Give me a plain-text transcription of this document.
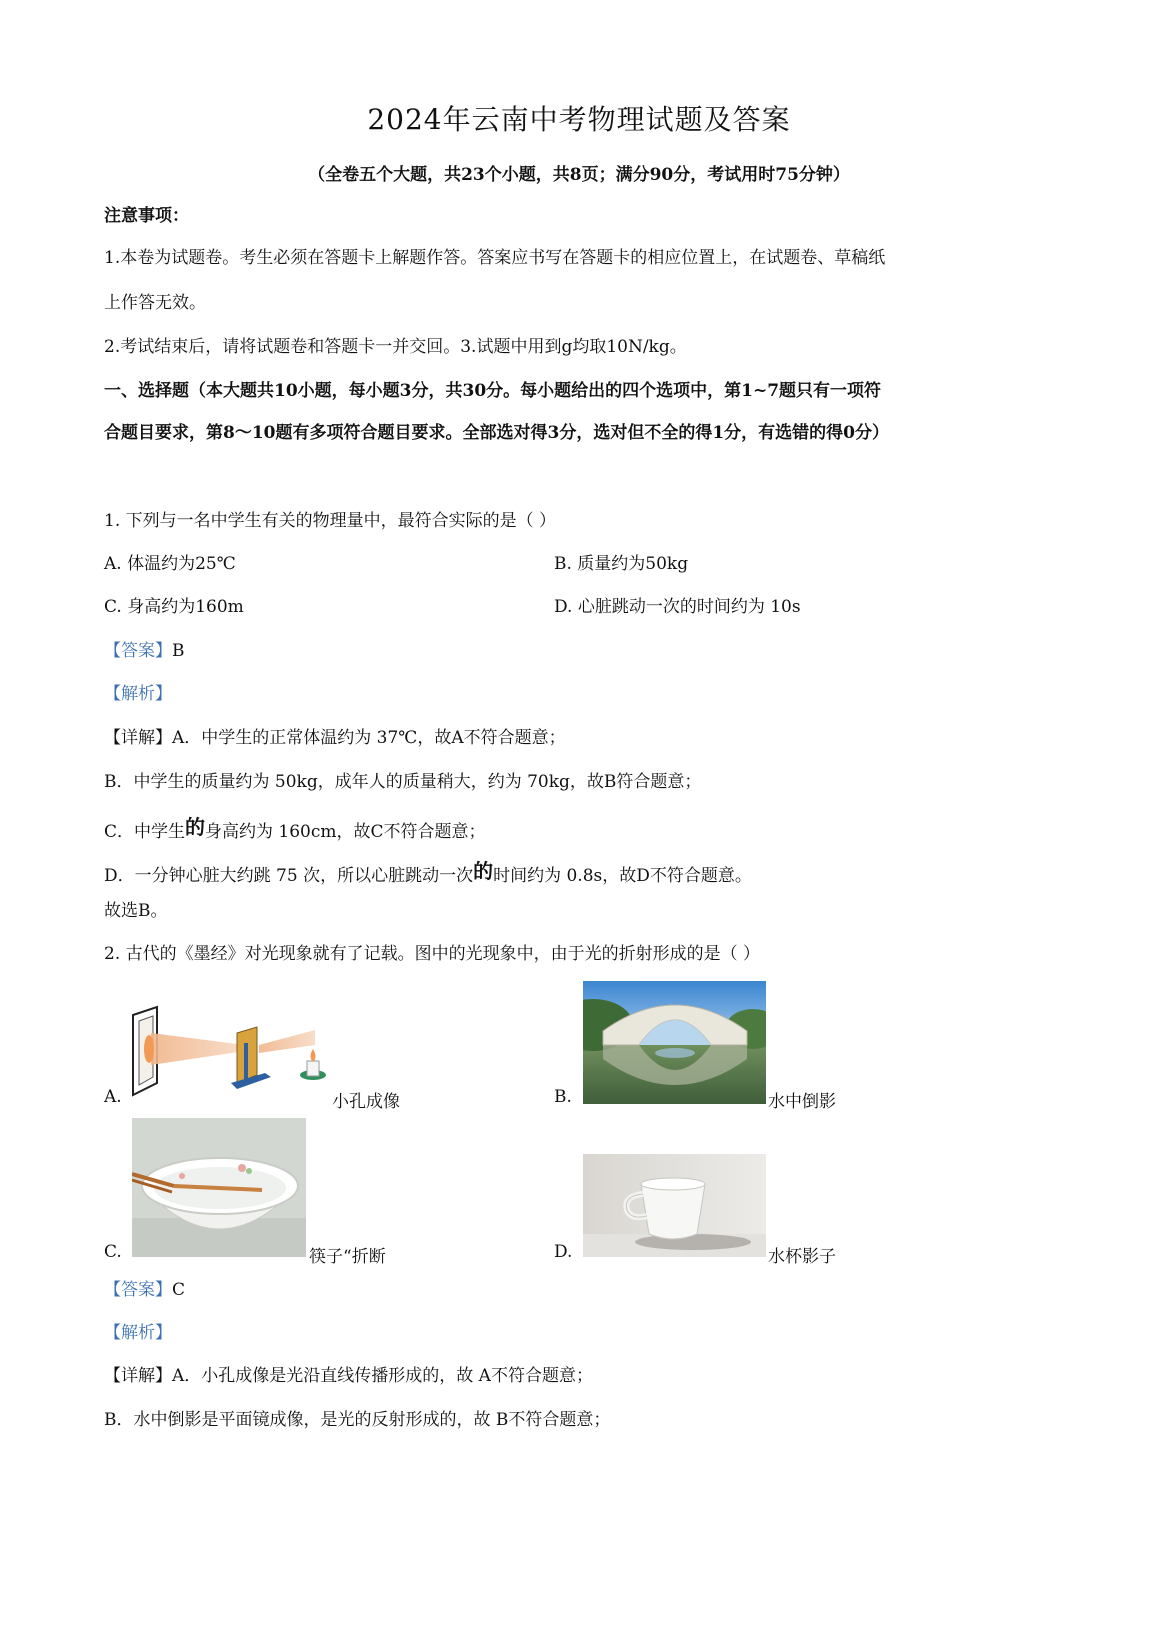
2024年云南中考物理试题及答案
（全卷五个大题，共23个小题，共8页；满分90分，考试用时75分钟）
注意事项：
1.本卷为试题卷。考生必须在答题卡上解题作答。答案应书写在答题卡的相应位置上，在试题卷、草稿纸
上作答无效。
2.考试结束后，请将试题卷和答题卡一并交回。3.试题中用到g均取10N/kg。
一、选择题（本大题共10小题，每小题3分，共30分。每小题给出的四个选项中，第1~7题只有一项符
合题目要求，第8～10题有多项符合题目要求。全部选对得3分，选对但不全的得1分，有选错的得0分）
1. 下列与一名中学生有关的物理量中，最符合实际的是（ ）
A. 体温约为25℃	B. 质量约为50kg
C. 身高约为160m	D. 心脏跳动一次的时间约为 10s
【答案】B
【解析】
【详解】A．中学生的正常体温约为 37℃，故A不符合题意；
B．中学生的质量约为 50kg，成年人的质量稍大，约为 70kg，故B符合题意；
C．中学生的身高约为 160cm，故C不符合题意；
D．一分钟心脏大约跳 75 次，所以心脏跳动一次的时间约为 0.8s，故D不符合题意。
故选B。
2. 古代的《墨经》对光现象就有了记载。图中的光现象中，由于光的折射形成的是（ ）
A.	小孔成像	B.	水中倒影
C.	筷子“折断	D.	水杯影子
【答案】C
【解析】
【详解】A．小孔成像是光沿直线传播形成的，故 A不符合题意；
B．水中倒影是平面镜成像，是光的反射形成的，故 B不符合题意；
